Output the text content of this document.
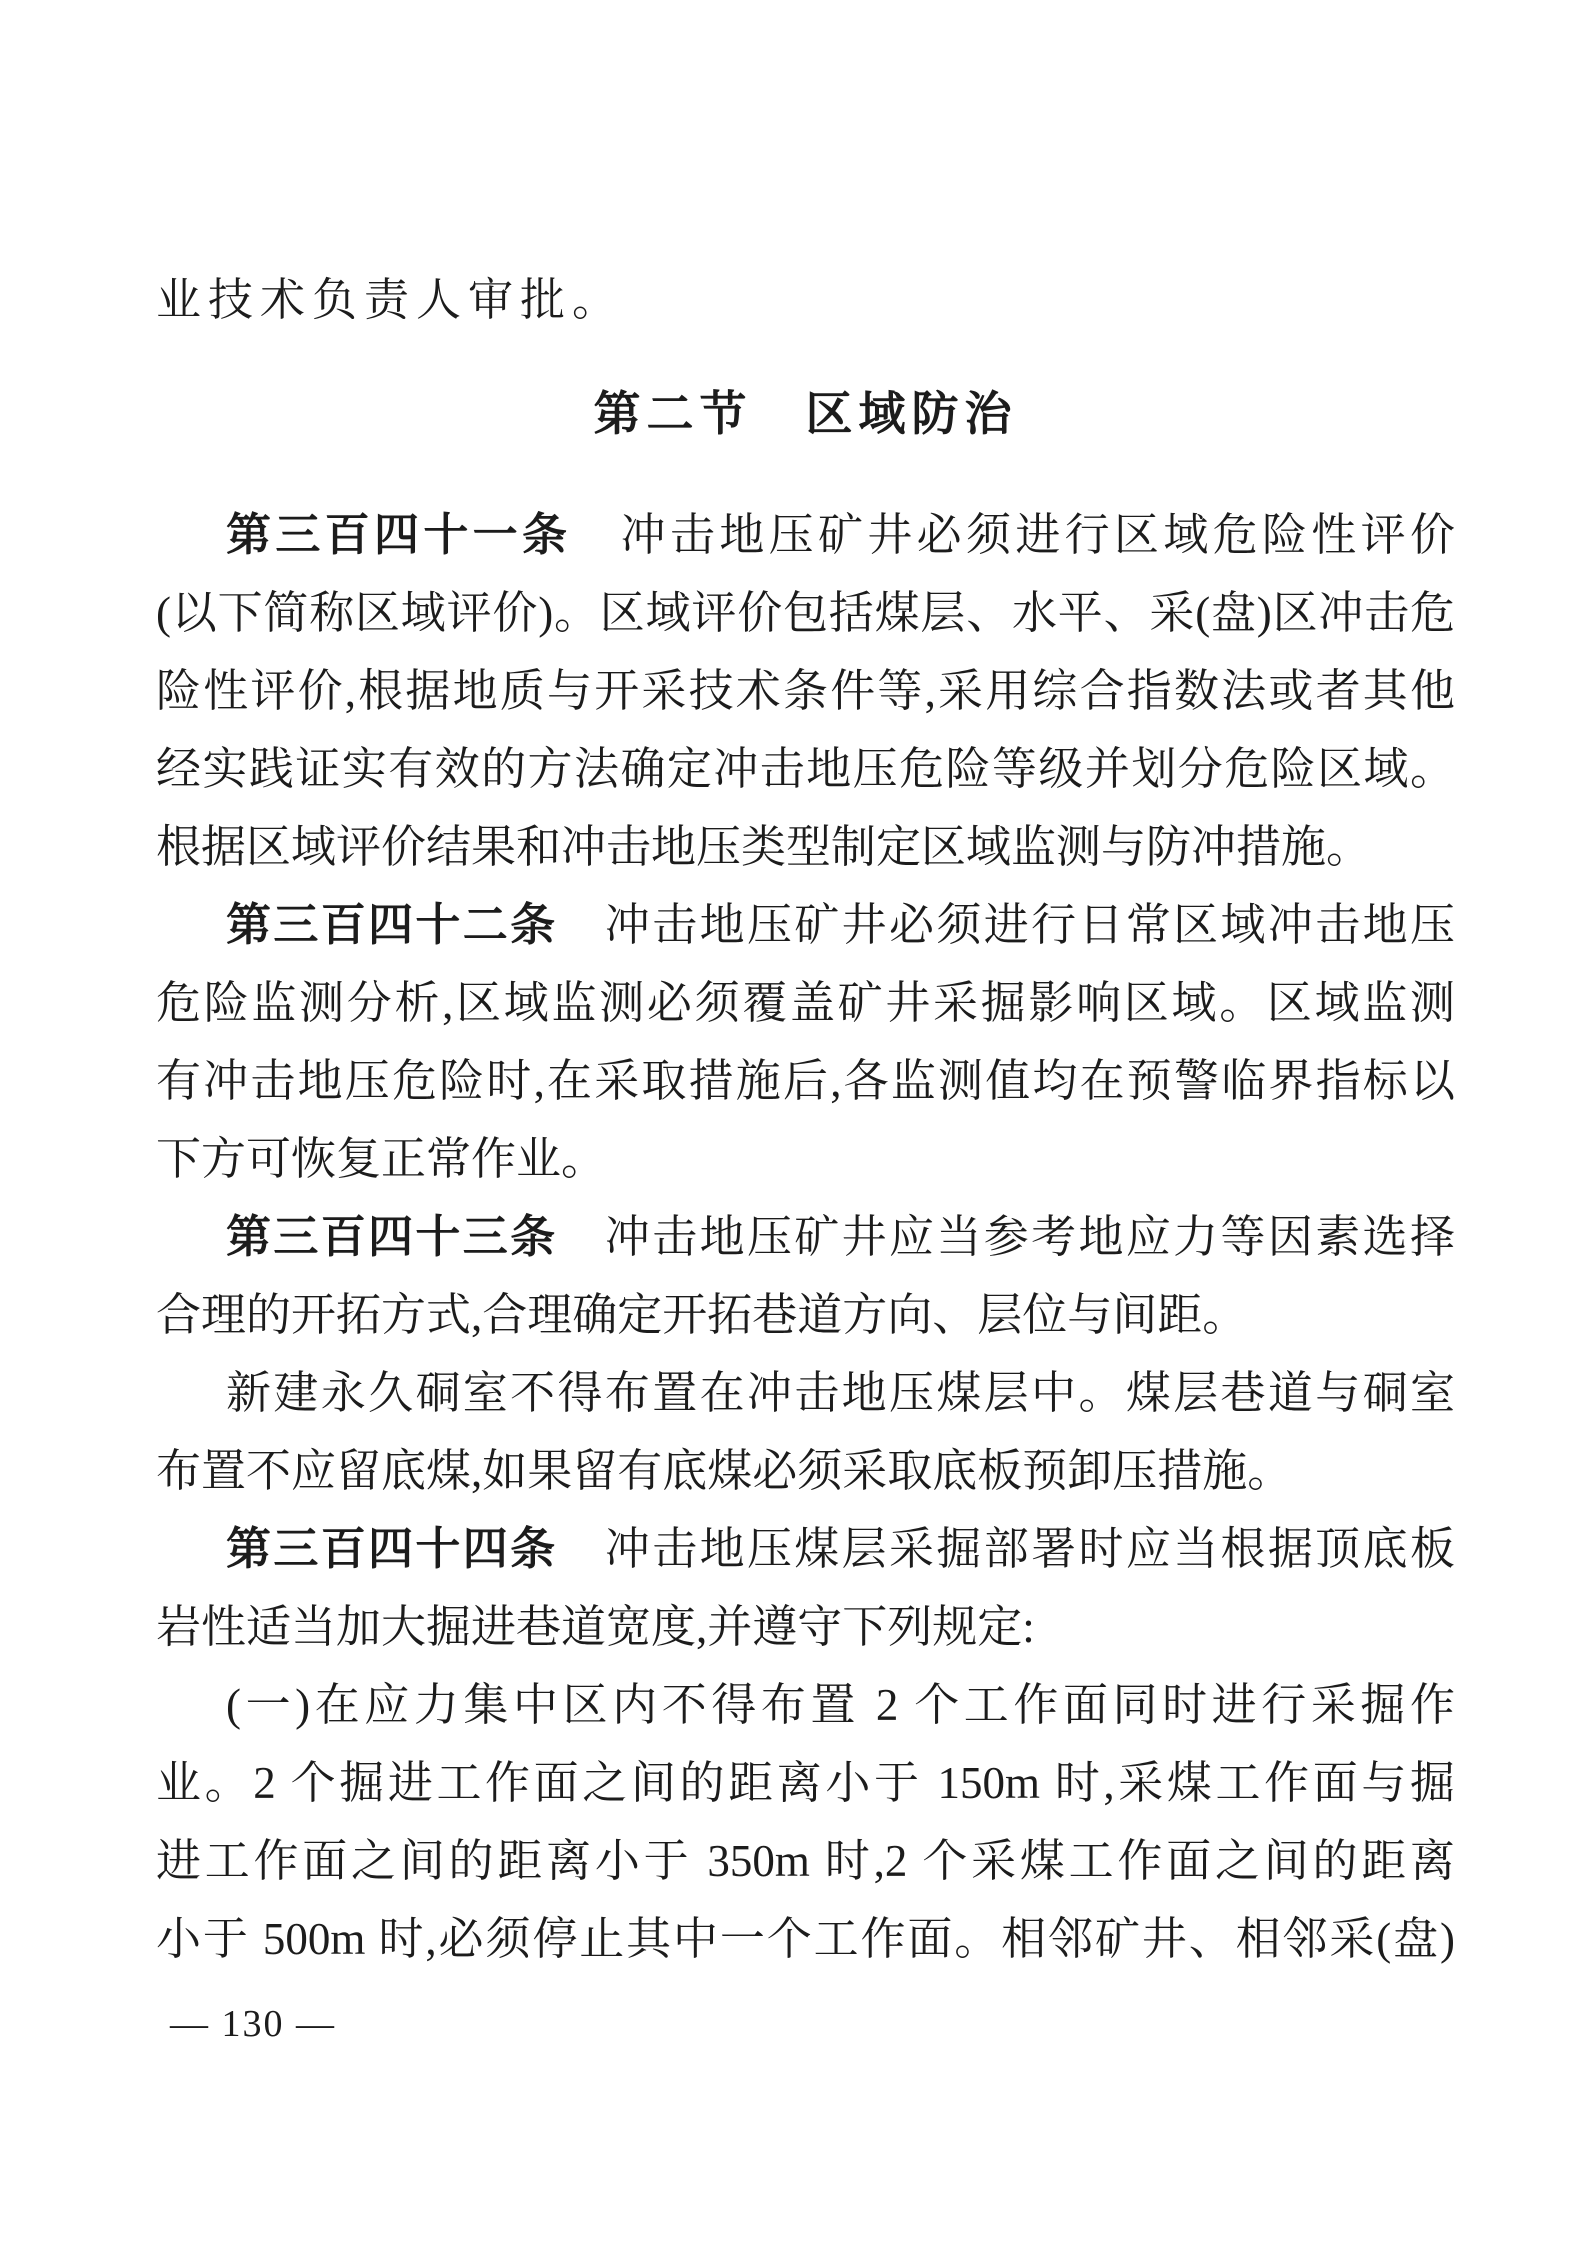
业技术负责人审批。
第二节　区域防治
第三百四十一条　冲击地压矿井必须进行区域危险性评价
(以下简称区域评价)。区域评价包括煤层、水平、采(盘)区冲击危
险性评价,根据地质与开采技术条件等,采用综合指数法或者其他
经实践证实有效的方法确定冲击地压危险等级并划分危险区域。
根据区域评价结果和冲击地压类型制定区域监测与防冲措施。
第三百四十二条　冲击地压矿井必须进行日常区域冲击地压
危险监测分析,区域监测必须覆盖矿井采掘影响区域。区域监测
有冲击地压危险时,在采取措施后,各监测值均在预警临界指标以
下方可恢复正常作业。
第三百四十三条　冲击地压矿井应当参考地应力等因素选择
合理的开拓方式,合理确定开拓巷道方向、层位与间距。
新建永久硐室不得布置在冲击地压煤层中。煤层巷道与硐室
布置不应留底煤,如果留有底煤必须采取底板预卸压措施。
第三百四十四条　冲击地压煤层采掘部署时应当根据顶底板
岩性适当加大掘进巷道宽度,并遵守下列规定:
(一)在应力集中区内不得布置 2 个工作面同时进行采掘作
业。2 个掘进工作面之间的距离小于 150m 时,采煤工作面与掘
进工作面之间的距离小于 350m 时,2 个采煤工作面之间的距离
小于 500m 时,必须停止其中一个工作面。相邻矿井、相邻采(盘)
— 130 —
